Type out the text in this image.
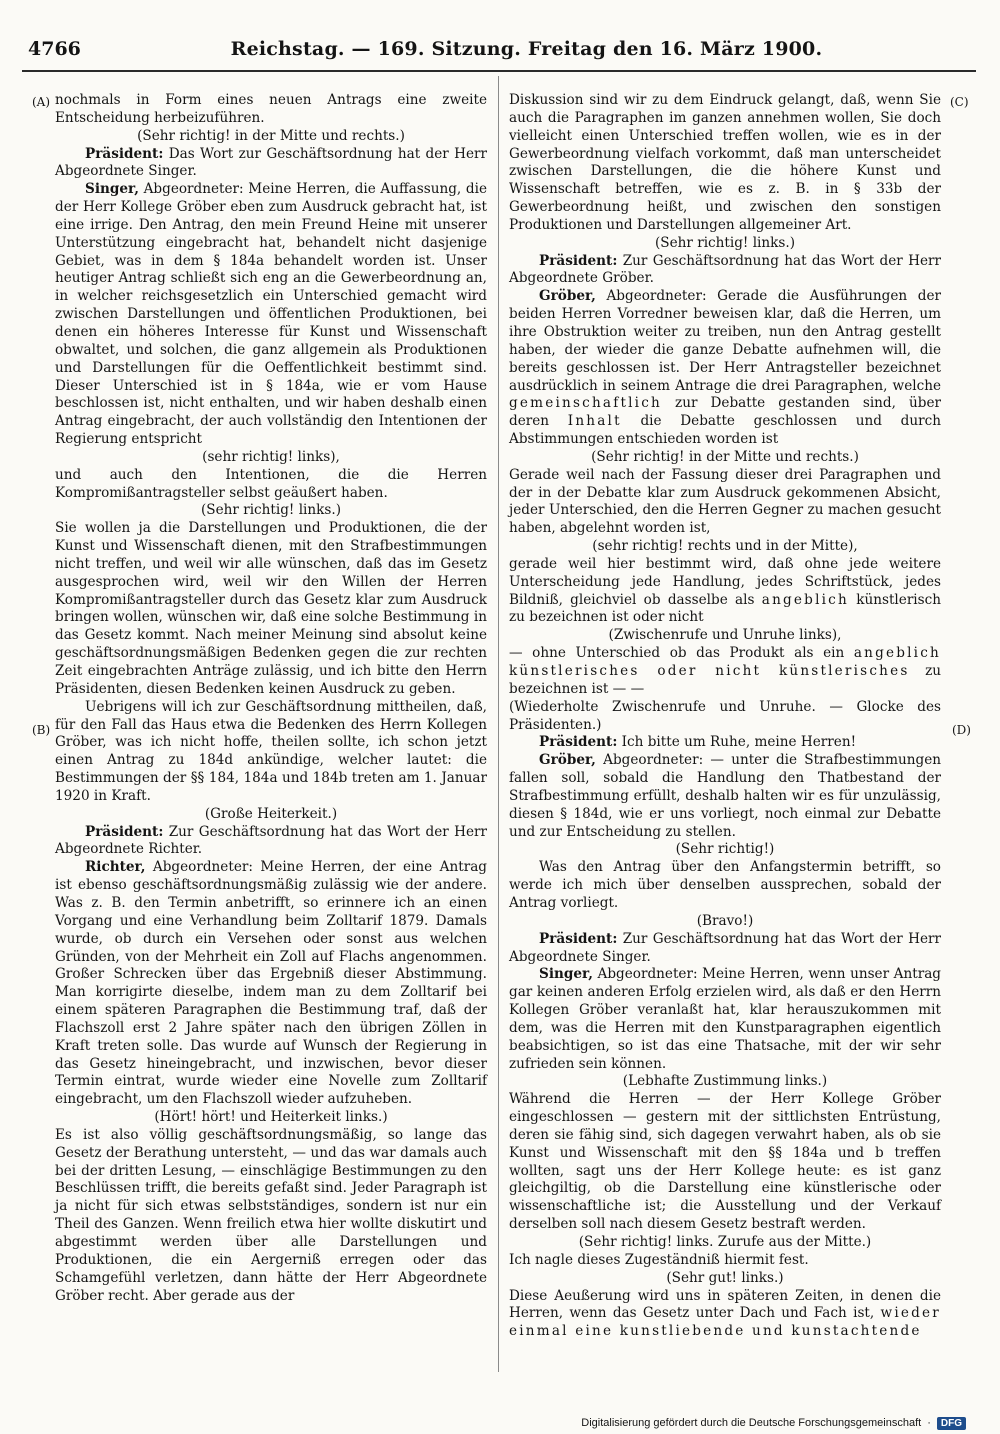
4766	Reichstag. — 169. Sitzung. Freitag den 16. März 1900.
(A)
(B)
(C)
(D)

nochmals in Form eines neuen Antrags eine zweite Entscheidung herbeizuführen.

(Sehr richtig! in der Mitte und rechts.)

Präsident: Das Wort zur Geschäftsordnung hat der Herr Abgeordnete Singer.

Singer, Abgeordneter: Meine Herren, die Auffassung, die der Herr Kollege Gröber eben zum Ausdruck gebracht hat, ist eine irrige. Den Antrag, den mein Freund Heine mit unserer Unterstützung eingebracht hat, behandelt nicht dasjenige Gebiet, was in dem § 184a behandelt worden ist. Unser heutiger Antrag schließt sich eng an die Gewerbeordnung an, in welcher reichsgesetzlich ein Unterschied gemacht wird zwischen Darstellungen und öffentlichen Produktionen, bei denen ein höheres Interesse für Kunst und Wissenschaft obwaltet, und solchen, die ganz allgemein als Produktionen und Darstellungen für die Oeffentlichkeit bestimmt sind. Dieser Unterschied ist in § 184a, wie er vom Hause beschlossen ist, nicht enthalten, und wir haben deshalb einen Antrag eingebracht, der auch vollständig den Intentionen der Regierung entspricht

(sehr richtig! links),

und auch den Intentionen, die die Herren Kompromißantragsteller selbst geäußert haben.

(Sehr richtig! links.)

Sie wollen ja die Darstellungen und Produktionen, die der Kunst und Wissenschaft dienen, mit den Strafbestimmungen nicht treffen, und weil wir alle wünschen, daß das im Gesetz ausgesprochen wird, weil wir den Willen der Herren Kompromißantragsteller durch das Gesetz klar zum Ausdruck bringen wollen, wünschen wir, daß eine solche Bestimmung in das Gesetz kommt. Nach meiner Meinung sind absolut keine geschäftsordnungsmäßigen Bedenken gegen die zur rechten Zeit eingebrachten Anträge zulässig, und ich bitte den Herrn Präsidenten, diesen Bedenken keinen Ausdruck zu geben.

Uebrigens will ich zur Geschäftsordnung mittheilen, daß, für den Fall das Haus etwa die Bedenken des Herrn Kollegen Gröber, was ich nicht hoffe, theilen sollte, ich schon jetzt einen Antrag zu 184d ankündige, welcher lautet: die Bestimmungen der §§ 184, 184a und 184b treten am 1. Januar 1920 in Kraft.

(Große Heiterkeit.)

Präsident: Zur Geschäftsordnung hat das Wort der Herr Abgeordnete Richter.

Richter, Abgeordneter: Meine Herren, der eine Antrag ist ebenso geschäftsordnungsmäßig zulässig wie der andere. Was z. B. den Termin anbetrifft, so erinnere ich an einen Vorgang und eine Verhandlung beim Zolltarif 1879. Damals wurde, ob durch ein Versehen oder sonst aus welchen Gründen, von der Mehrheit ein Zoll auf Flachs angenommen. Großer Schrecken über das Ergebniß dieser Abstimmung. Man korrigirte dieselbe, indem man zu dem Zolltarif bei einem späteren Paragraphen die Bestimmung traf, daß der Flachszoll erst 2 Jahre später nach den übrigen Zöllen in Kraft treten solle. Das wurde auf Wunsch der Regierung in das Gesetz hineingebracht, und inzwischen, bevor dieser Termin eintrat, wurde wieder eine Novelle zum Zolltarif eingebracht, um den Flachszoll wieder aufzuheben.

(Hört! hört! und Heiterkeit links.)

Es ist also völlig geschäftsordnungsmäßig, so lange das Gesetz der Berathung untersteht, — und das war damals auch bei der dritten Lesung, — einschlägige Bestimmungen zu den Beschlüssen trifft, die bereits gefaßt sind. Jeder Paragraph ist ja nicht für sich etwas selbstständiges, sondern ist nur ein Theil des Ganzen. Wenn freilich etwa hier wollte diskutirt und abgestimmt werden über alle Darstellungen und Produktionen, die ein Aergerniß erregen oder das Schamgefühl verletzen, dann hätte der Herr Abgeordnete Gröber recht. Aber gerade aus der

Diskussion sind wir zu dem Eindruck gelangt, daß, wenn Sie auch die Paragraphen im ganzen annehmen wollen, Sie doch vielleicht einen Unterschied treffen wollen, wie es in der Gewerbeordnung vielfach vorkommt, daß man unterscheidet zwischen Darstellungen, die die höhere Kunst und Wissenschaft betreffen, wie es z. B. in § 33b der Gewerbeordnung heißt, und zwischen den sonstigen Produktionen und Darstellungen allgemeiner Art.

(Sehr richtig! links.)

Präsident: Zur Geschäftsordnung hat das Wort der Herr Abgeordnete Gröber.

Gröber, Abgeordneter: Gerade die Ausführungen der beiden Herren Vorredner beweisen klar, daß die Herren, um ihre Obstruktion weiter zu treiben, nun den Antrag gestellt haben, der wieder die ganze Debatte aufnehmen will, die bereits geschlossen ist. Der Herr Antragsteller bezeichnet ausdrücklich in seinem Antrage die drei Paragraphen, welche gemeinschaftlich zur Debatte gestanden sind, über deren Inhalt die Debatte geschlossen und durch Abstimmungen entschieden worden ist

(Sehr richtig! in der Mitte und rechts.)

Gerade weil nach der Fassung dieser drei Paragraphen und der in der Debatte klar zum Ausdruck gekommenen Absicht, jeder Unterschied, den die Herren Gegner zu machen gesucht haben, abgelehnt worden ist,

(sehr richtig! rechts und in der Mitte),

gerade weil hier bestimmt wird, daß ohne jede weitere Unterscheidung jede Handlung, jedes Schriftstück, jedes Bildniß, gleichviel ob dasselbe als angeblich künstlerisch zu bezeichnen ist oder nicht

(Zwischenrufe und Unruhe links),

— ohne Unterschied ob das Produkt als ein angeblich künstlerisches oder nicht künstlerisches zu bezeichnen ist — —

(Wiederholte Zwischenrufe und Unruhe. — Glocke des Präsidenten.)

Präsident: Ich bitte um Ruhe, meine Herren!

Gröber, Abgeordneter: — unter die Strafbestimmungen fallen soll, sobald die Handlung den Thatbestand der Strafbestimmung erfüllt, deshalb halten wir es für unzulässig, diesen § 184d, wie er uns vorliegt, noch einmal zur Debatte und zur Entscheidung zu stellen.

(Sehr richtig!)

Was den Antrag über den Anfangstermin betrifft, so werde ich mich über denselben aussprechen, sobald der Antrag vorliegt.

(Bravo!)

Präsident: Zur Geschäftsordnung hat das Wort der Herr Abgeordnete Singer.

Singer, Abgeordneter: Meine Herren, wenn unser Antrag gar keinen anderen Erfolg erzielen wird, als daß er den Herrn Kollegen Gröber veranlaßt hat, klar herauszukommen mit dem, was die Herren mit den Kunstparagraphen eigentlich beabsichtigen, so ist das eine Thatsache, mit der wir sehr zufrieden sein können.

(Lebhafte Zustimmung links.)

Während die Herren — der Herr Kollege Gröber eingeschlossen — gestern mit der sittlichsten Entrüstung, deren sie fähig sind, sich dagegen verwahrt haben, als ob sie Kunst und Wissenschaft mit den §§ 184a und b treffen wollten, sagt uns der Herr Kollege heute: es ist ganz gleichgiltig, ob die Darstellung eine künstlerische oder wissenschaftliche ist; die Ausstellung und der Verkauf derselben soll nach diesem Gesetz bestraft werden.

(Sehr richtig! links. Zurufe aus der Mitte.)

Ich nagle dieses Zugeständniß hiermit fest.

(Sehr gut! links.)

Diese Aeußerung wird uns in späteren Zeiten, in denen die Herren, wenn das Gesetz unter Dach und Fach ist, wieder einmal eine kunstliebende und kunstachtende

Digitalisierung gefördert durch die Deutsche Forschungsgemeinschaft ·	DFG
